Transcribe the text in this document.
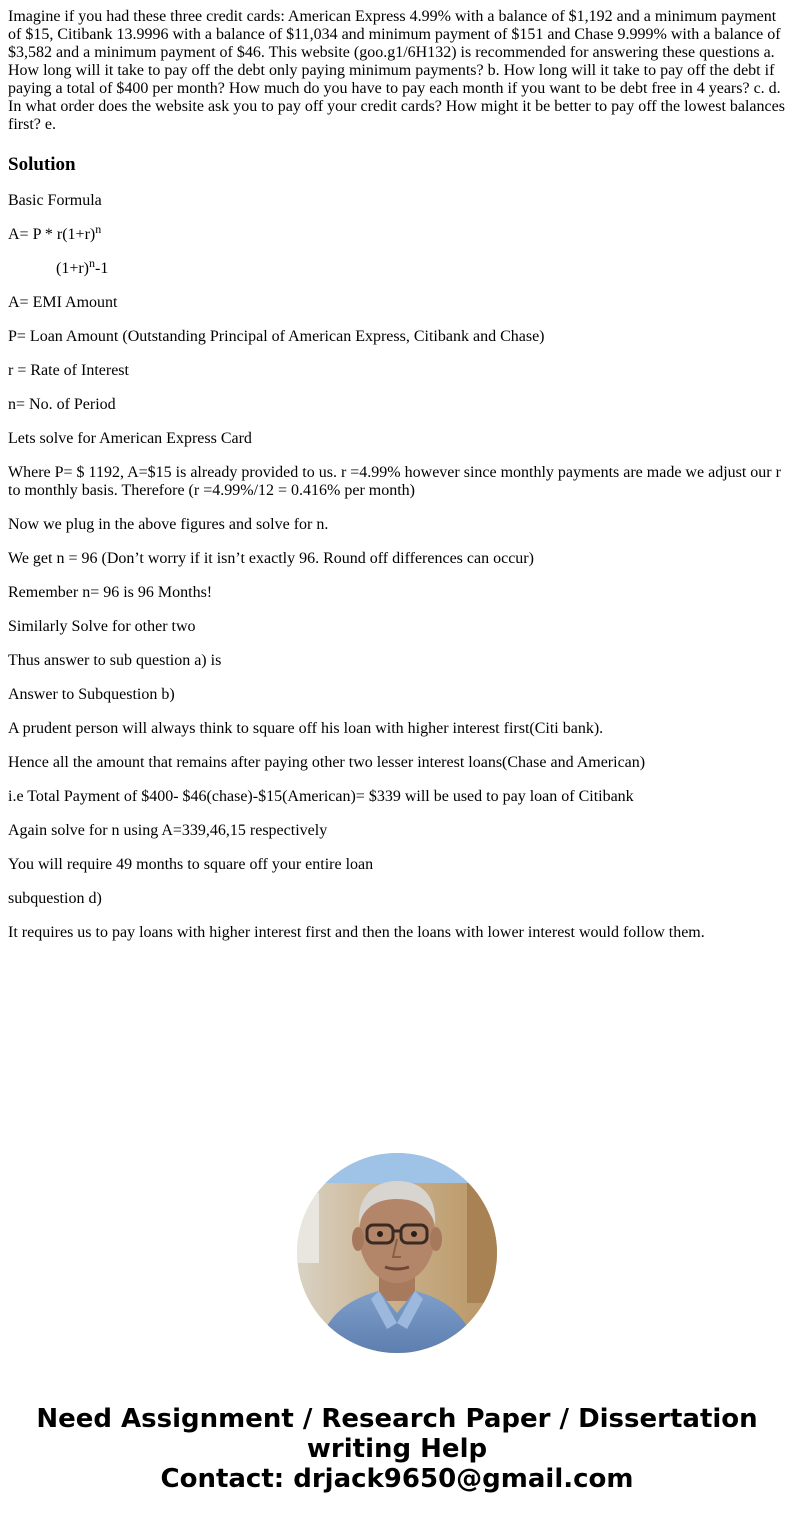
Imagine if you had these three credit cards: American Express 4.99% with a balance of $1,192 and a minimum payment of $15, Citibank 13.9996 with a balance of $11,034 and minimum payment of $151 and Chase 9.999% with a balance of $3,582 and a minimum payment of $46. This website (goo.g1/6H132) is recommended for answering these questions a. How long will it take to pay off the debt only paying minimum payments? b. How long will it take to pay off the debt if paying a total of $400 per month? How much do you have to pay each month if you want to be debt free in 4 years? c. d. In what order does the website ask you to pay off your credit cards? How might it be better to pay off the lowest balances first? e.

Solution

Basic Formula

$A= P * r(1+r)^n$

$(1+r)^n-1$

A= EMI Amount

P= Loan Amount (Outstanding Principal of American Express, Citibank and Chase)

r = Rate of Interest

n= No. of Period

Lets solve for American Express Card

Where P= $ 1192, A=$15 is already provided to us. r =4.99% however since monthly payments are made we adjust our r to monthly basis. Therefore (r =4.99%/12 = 0.416% per month)

Now we plug in the above figures and solve for n.

We get n = 96 (Don’t worry if it isn’t exactly 96. Round off differences can occur)

Remember n= 96 is 96 Months!

Similarly Solve for other two

Thus answer to sub question a) is

Answer to Subquestion b)

A prudent person will always think to square off his loan with higher interest first(Citi bank).

Hence all the amount that remains after paying other two lesser interest loans(Chase and American)

i.e Total Payment of $400- $46(chase)-$15(American)= $339 will be used to pay loan of Citibank

Again solve for n using A=339,46,15 respectively

You will require 49 months to square off your entire loan

subquestion d)

It requires us to pay loans with higher interest first and then the loans with lower interest would follow them.

Need Assignment / Research Paper / Dissertation
writing Help
Contact: drjack9650@gmail.com
